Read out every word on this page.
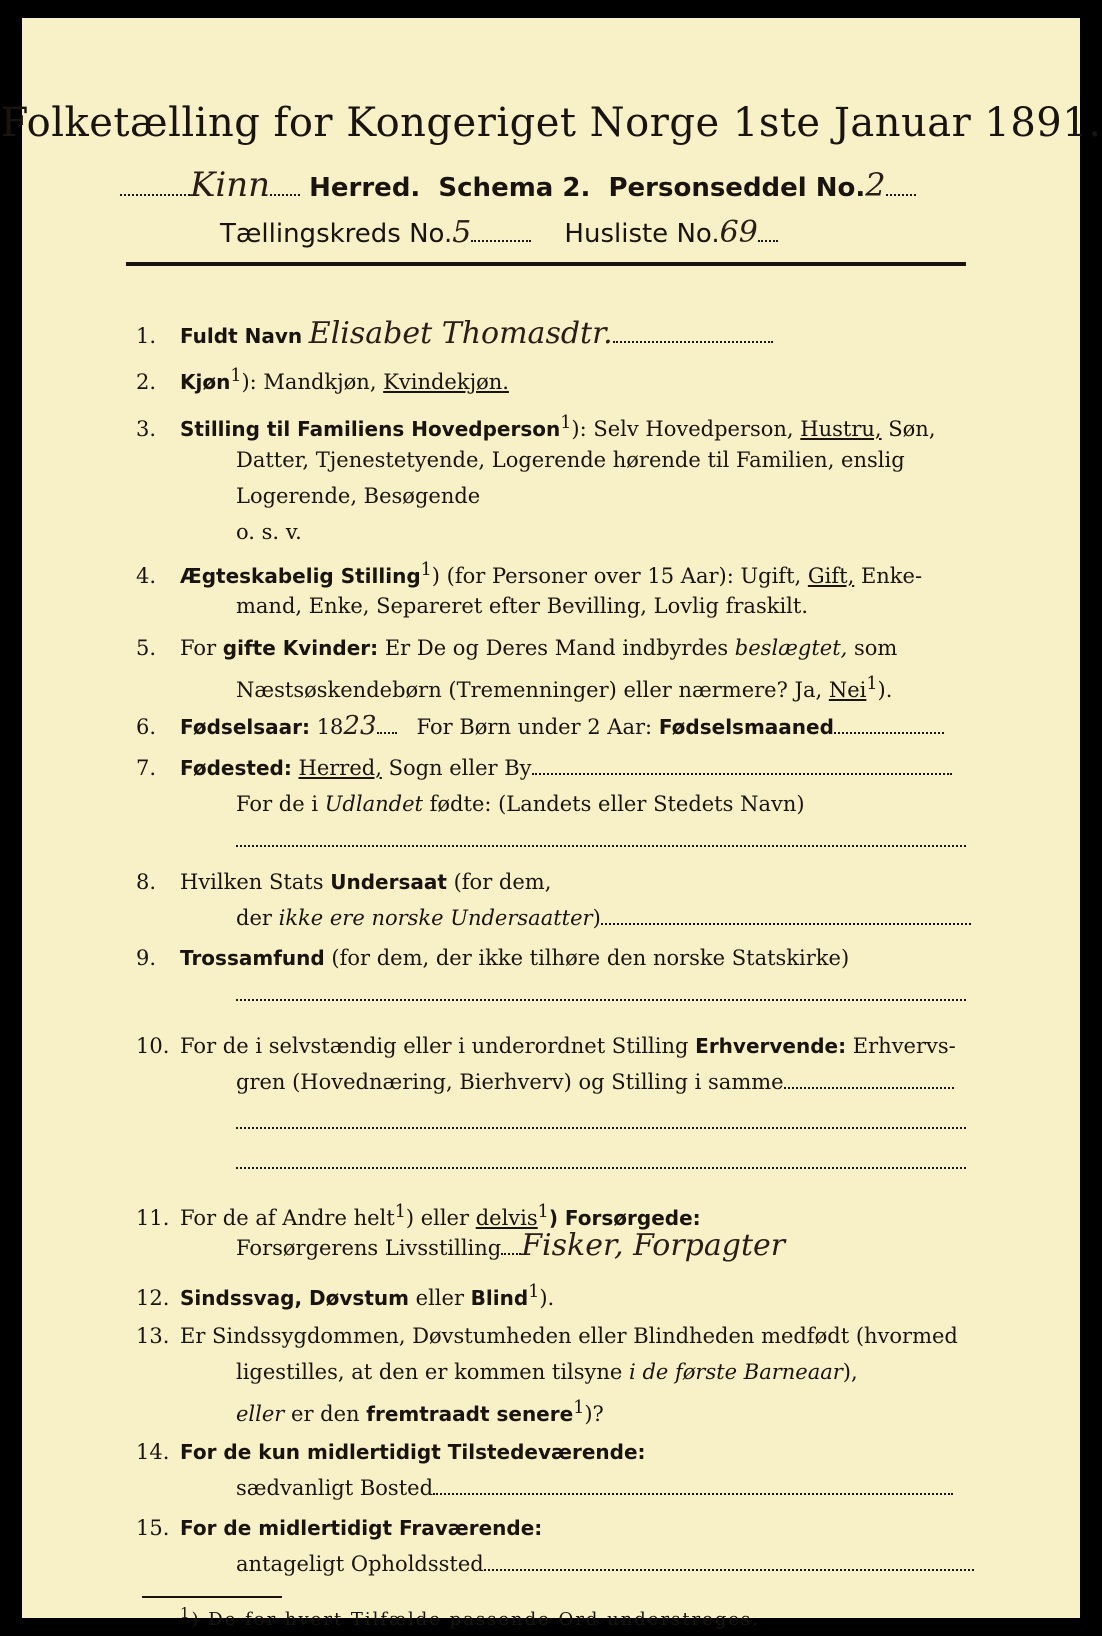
Folketælling for Kongeriget Norge 1ste Januar 1891.
Kinn Herred. Schema 2. Personseddel No.2
Tællingskreds No.5	Husliste No.69
1. Fuldt Navn Elisabet Thomasdtr.
2. Kjøn$^1$): Mandkjøn, Kvindekjøn.
3. Stilling til Familiens Hovedperson$^1$): Selv Hovedperson, Hustru, Søn,
Datter, Tjenestetyende, Logerende hørende til Familien, enslig
Logerende, Besøgende
o. s. v.
4. Ægteskabelig Stilling$^1$) (for Personer over 15 Aar): Ugift, Gift, Enke-
mand, Enke, Separeret efter Bevilling, Lovlig fraskilt.
5. For gifte Kvinder: Er De og Deres Mand indbyrdes beslægtet, som
Næstsøskendebørn (Tremenninger) eller nærmere? Ja, Nei$^1$).
6. Fødselsaar: 1823 For Børn under 2 Aar: Fødselsmaaned
7. Fødested: Herred, Sogn eller By
For de i Udlandet fødte: (Landets eller Stedets Navn)
8. Hvilken Stats Undersaat (for dem,
der ikke ere norske Undersaatter)
9. Trossamfund (for dem, der ikke tilhøre den norske Statskirke)
10. For de i selvstændig eller i underordnet Stilling Erhvervende: Erhvervs-
gren (Hovednæring, Bierhverv) og Stilling i samme
11. For de af Andre helt$^1$) eller delvis$^1$) Forsørgede:
Forsørgerens Livsstilling Fisker, Forpagter
12. Sindssvag, Døvstum eller Blind$^1$).
13. Er Sindssygdommen, Døvstumheden eller Blindheden medfødt (hvormed
ligestilles, at den er kommen tilsyne i de første Barneaar),
eller er den fremtraadt senere$^1$)?
14. For de kun midlertidigt Tilstedeværende:
sædvanligt Bosted
15. For de midlertidigt Fraværende:
antageligt Opholdssted
$^1$) De for hvert Tilfælde passende Ord understreges.
